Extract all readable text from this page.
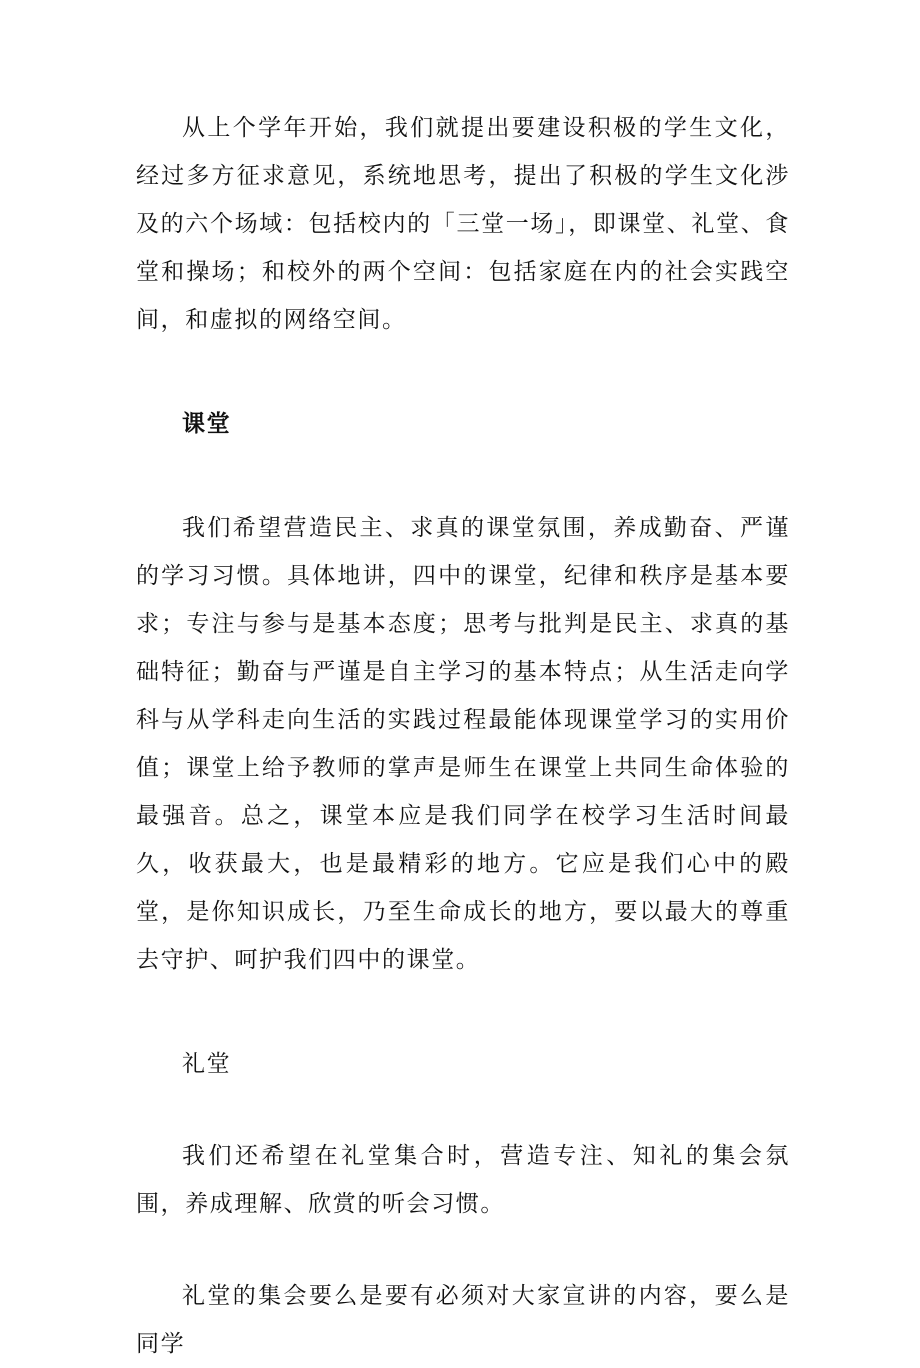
从上个学年开始，我们就提出要建设积极的学生文化，经过多方征求意见，系统地思考，提出了积极的学生文化涉及的六个场域：包括校内的「三堂一场」，即课堂、礼堂、食堂和操场；和校外的两个空间：包括家庭在内的社会实践空间，和虚拟的网络空间。

课堂

我们希望营造民主、求真的课堂氛围，养成勤奋、严谨的学习习惯。具体地讲，四中的课堂，纪律和秩序是基本要求；专注与参与是基本态度；思考与批判是民主、求真的基础特征；勤奋与严谨是自主学习的基本特点；从生活走向学科与从学科走向生活的实践过程最能体现课堂学习的实用价值；课堂上给予教师的掌声是师生在课堂上共同生命体验的最强音。总之，课堂本应是我们同学在校学习生活时间最久，收获最大，也是最精彩的地方。它应是我们心中的殿堂，是你知识成长，乃至生命成长的地方，要以最大的尊重去守护、呵护我们四中的课堂。

礼堂

我们还希望在礼堂集合时，营造专注、知礼的集会氛围，养成理解、欣赏的听会习惯。

礼堂的集会要么是要有必须对大家宣讲的内容，要么是同学
